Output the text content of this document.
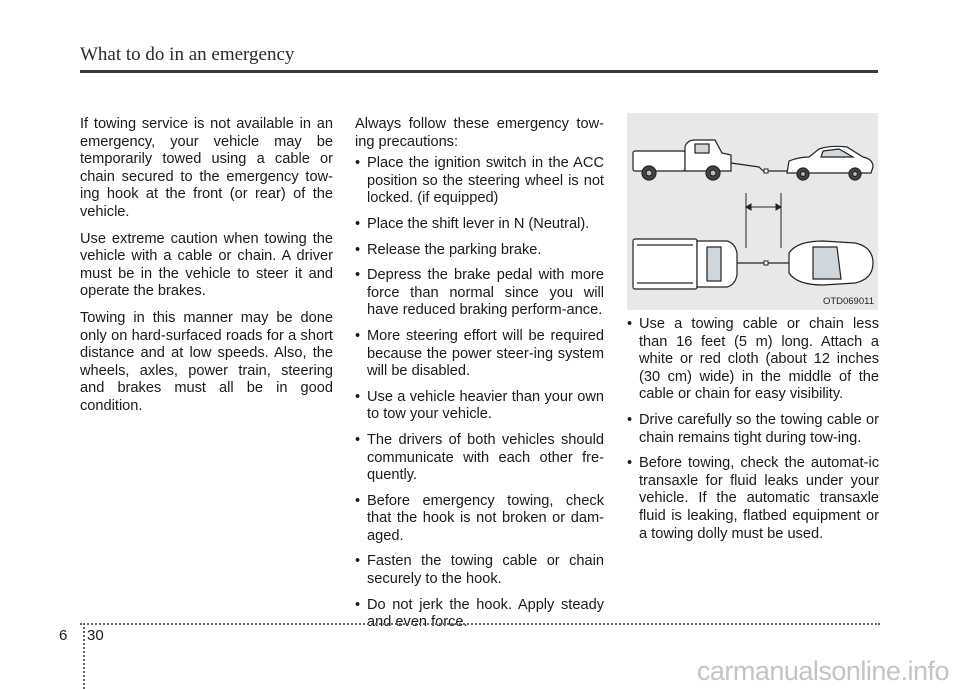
What to do in an emergency

If towing service is not available in an emergency, your vehicle may be temporarily towed using a cable or chain secured to the emergency tow-ing hook at the front (or rear) of the vehicle.

Use extreme caution when towing the vehicle with a cable or chain. A driver must be in the vehicle to steer it and operate the brakes.

Towing in this manner may be done only on hard-surfaced roads for a short distance and at low speeds. Also, the wheels, axles, power train, steering and brakes must all be in good condition.

Always follow these emergency tow-ing precautions:

• Place the ignition switch in the ACC position so the steering wheel is not locked. (if equipped)
• Place the shift lever in N (Neutral).
• Release the parking brake.
• Depress the brake pedal with more force than normal since you will have reduced braking perform-ance.
• More steering effort will be required because the power steer-ing system will be disabled.
• Use a vehicle heavier than your own to tow your vehicle.
• The drivers of both vehicles should communicate with each other fre-quently.
• Before emergency towing, check that the hook is not broken or dam-aged.
• Fasten the towing cable or chain securely to the hook.
• Do not jerk the hook. Apply steady and even force.
OTD069011
• Use a towing cable or chain less than 16 feet (5 m) long. Attach a white or red cloth (about 12 inches (30 cm) wide) in the middle of the cable or chain for easy visibility.
• Drive carefully so the towing cable or chain remains tight during tow-ing.
• Before towing, check the automat-ic transaxle for fluid leaks under your vehicle. If the automatic transaxle fluid is leaking, flatbed equipment or a towing dolly must be used.
6 30
carmanualsonline.info
